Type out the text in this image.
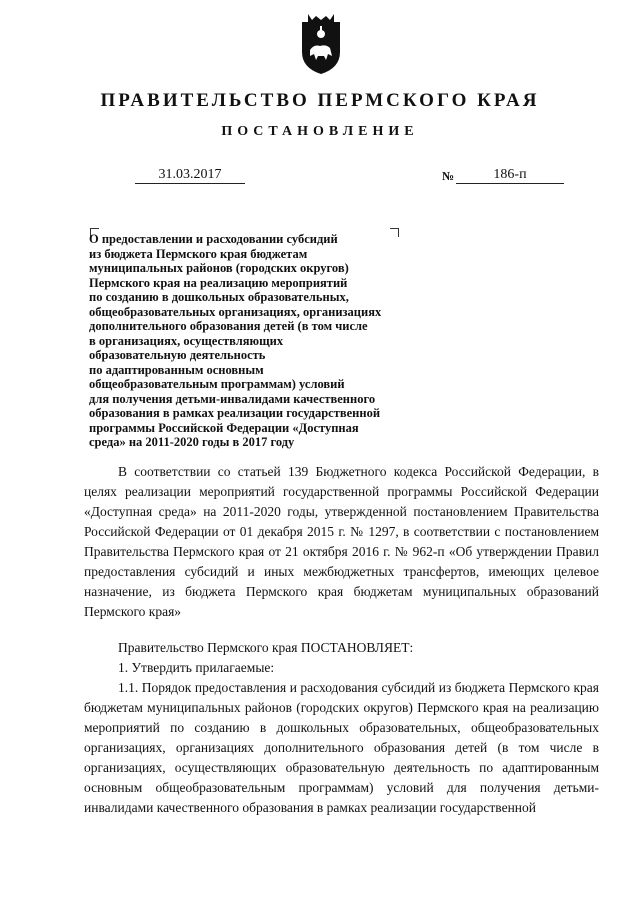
ПРАВИТЕЛЬСТВО ПЕРМСКОГО КРАЯ
ПОСТАНОВЛЕНИЕ
31.03.2017	№	186-п
О предоставлении и расходовании субсидий
из бюджета Пермского края бюджетам
муниципальных районов (городских округов)
Пермского края на реализацию мероприятий
по созданию в дошкольных образовательных,
общеобразовательных организациях, организациях
дополнительного образования детей (в том числе
в организациях, осуществляющих
образовательную деятельность
по адаптированным основным
общеобразовательным программам) условий
для получения детьми-инвалидами качественного
образования в рамках реализации государственной
программы Российской Федерации «Доступная
среда» на 2011-2020 годы в 2017 году
В соответствии со статьей 139 Бюджетного кодекса Российской Федерации, в целях реализации мероприятий государственной программы Российской Федерации «Доступная среда» на 2011-2020 годы, утвержденной постановлением Правительства Российской Федерации от 01 декабря 2015 г. № 1297, в соответствии с постановлением Правительства Пермского края от 21 октября 2016 г. № 962-п «Об утверждении Правил предоставления субсидий и иных межбюджетных трансфертов, имеющих целевое назначение, из бюджета Пермского края бюджетам муниципальных образований Пермского края»
Правительство Пермского края ПОСТАНОВЛЯЕТ:
1. Утвердить прилагаемые:
1.1. Порядок предоставления и расходования субсидий из бюджета Пермского края бюджетам муниципальных районов (городских округов) Пермского края на реализацию мероприятий по созданию в дошкольных образовательных, общеобразовательных организациях, организациях дополнительного образования детей (в том числе в организациях, осуществляющих образовательную деятельность по адаптированным основным общеобразовательным программам) условий для получения детьми-инвалидами качественного образования в рамках реализации государственной
